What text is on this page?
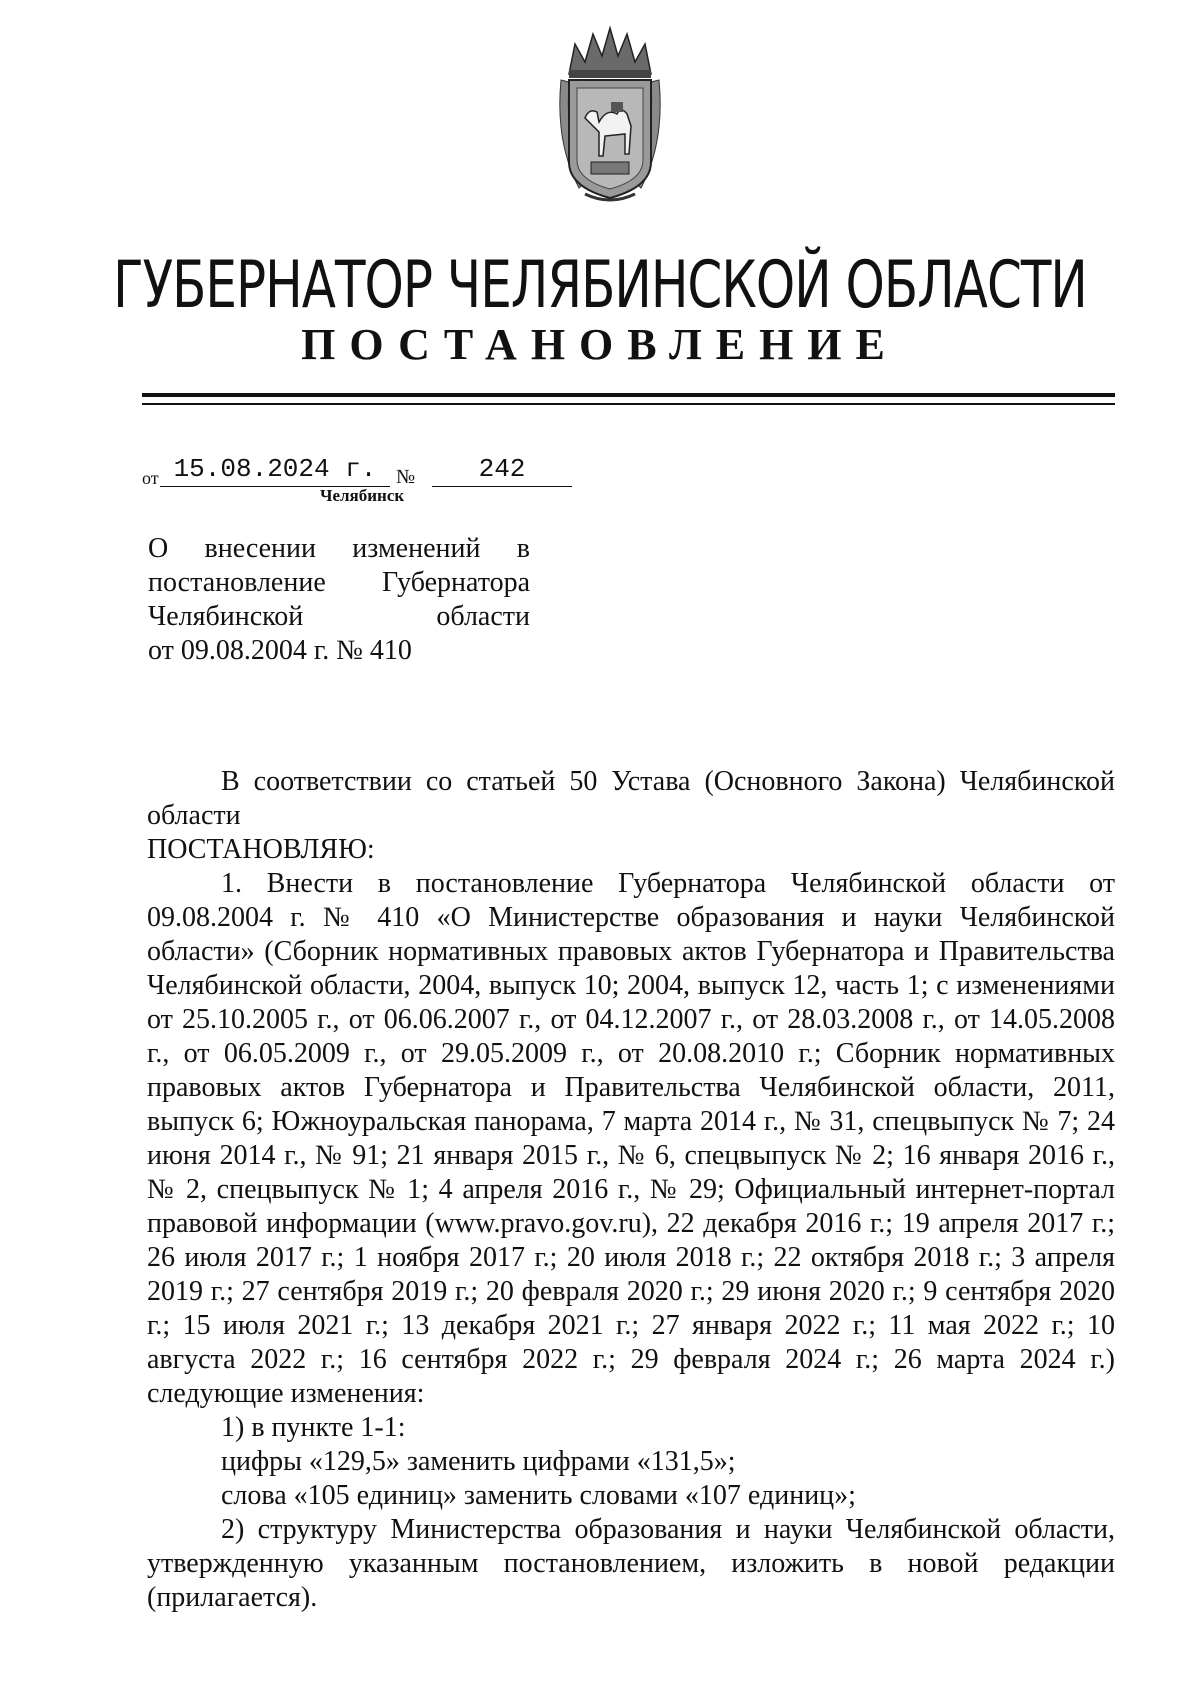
ГУБЕРНАТОР ЧЕЛЯБИНСКОЙ ОБЛАСТИ
ПОСТАНОВЛЕНИЕ
от 15.08.2024 г. №	242
Челябинск
О внесении изменений в
постановление Губернатора
Челябинской области
от 09.08.2004 г. № 410

В соответствии со статьей 50 Устава (Основного Закона) Челябинской области

ПОСТАНОВЛЯЮ:

1. Внести в постановление Губернатора Челябинской области от 09.08.2004 г. № 410 «О Министерстве образования и науки Челябинской области» (Сборник нормативных правовых актов Губернатора и Правительства Челябинской области, 2004, выпуск 10; 2004, выпуск 12, часть 1; с изменениями от 25.10.2005 г., от 06.06.2007 г., от 04.12.2007 г., от 28.03.2008 г., от 14.05.2008 г., от 06.05.2009 г., от 29.05.2009 г., от 20.08.2010 г.; Сборник нормативных правовых актов Губернатора и Правительства Челябинской области, 2011, выпуск 6; Южноуральская панорама, 7 марта 2014 г., № 31, спецвыпуск № 7; 24 июня 2014 г., № 91; 21 января 2015 г., № 6, спецвыпуск № 2; 16 января 2016 г., № 2, спецвыпуск № 1; 4 апреля 2016 г., № 29; Официальный интернет-портал правовой информации (www.pravo.gov.ru), 22 декабря 2016 г.; 19 апреля 2017 г.; 26 июля 2017 г.; 1 ноября 2017 г.; 20 июля 2018 г.; 22 октября 2018 г.; 3 апреля 2019 г.; 27 сентября 2019 г.; 20 февраля 2020 г.; 29 июня 2020 г.; 9 сентября 2020 г.; 15 июля 2021 г.; 13 декабря 2021 г.; 27 января 2022 г.; 11 мая 2022 г.; 10 августа 2022 г.; 16 сентября 2022 г.; 29 февраля 2024 г.; 26 марта 2024 г.) следующие изменения:

1) в пункте 1-1:

цифры «129,5» заменить цифрами «131,5»;

слова «105 единиц» заменить словами «107 единиц»;

2) структуру Министерства образования и науки Челябинской области, утвержденную указанным постановлением, изложить в новой редакции (прилагается).
